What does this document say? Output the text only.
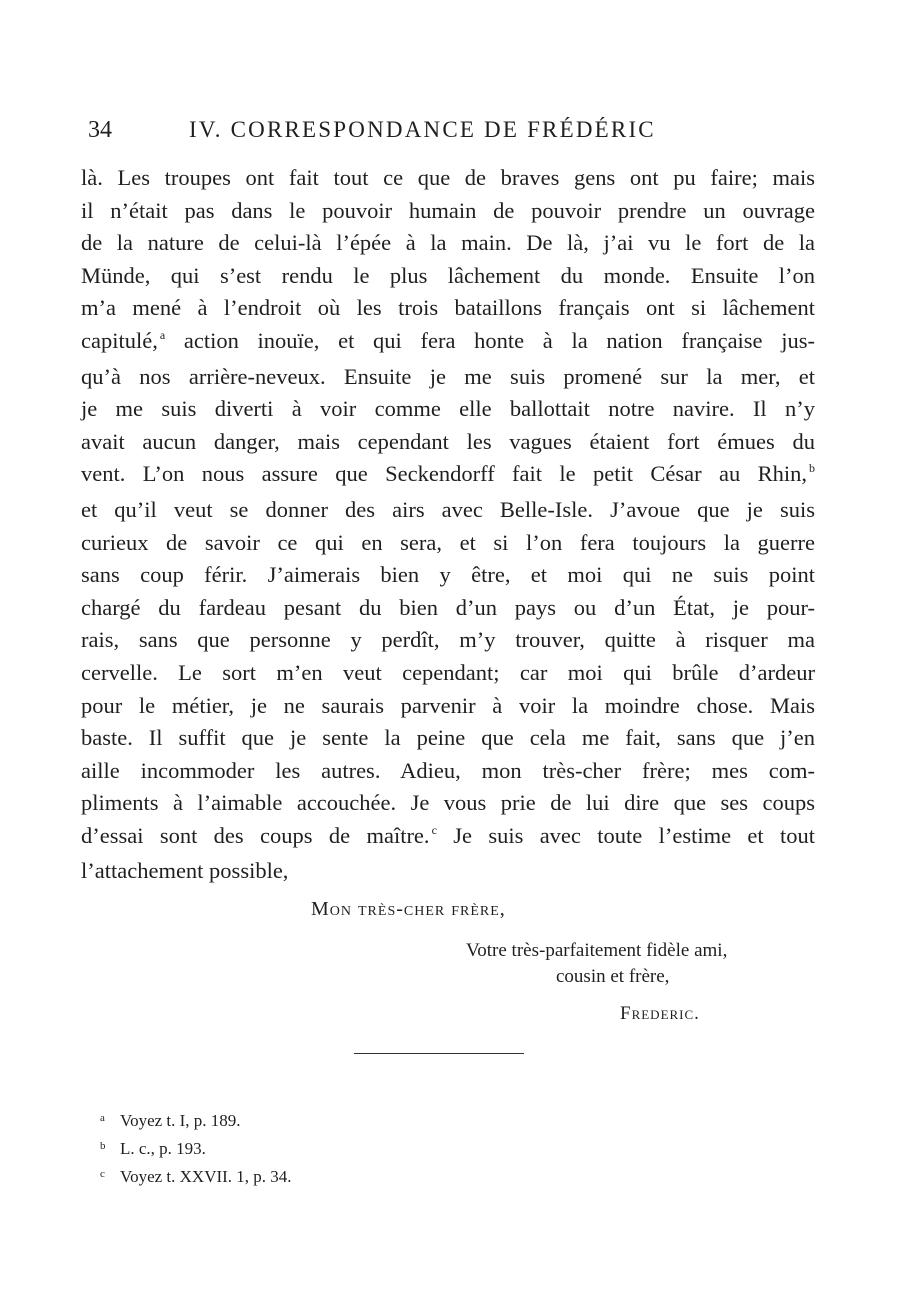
34	IV. CORRESPONDANCE DE FRÉDÉRIC
là. Les troupes ont fait tout ce que de braves gens ont pu faire; mais
il n’était pas dans le pouvoir humain de pouvoir prendre un ouvrage
de la nature de celui-là l’épée à la main. De là, j’ai vu le fort de la
Münde, qui s’est rendu le plus lâchement du monde. Ensuite l’on
m’a mené à l’endroit où les trois bataillons français ont si lâchement
capitulé, $^a$ action inouïe, et qui fera honte à la nation française jus-
qu’à nos arrière-neveux. Ensuite je me suis promené sur la mer, et
je me suis diverti à voir comme elle ballottait notre navire. Il n’y
avait aucun danger, mais cependant les vagues étaient fort émues du
vent. L’on nous assure que Seckendorff fait le petit César au Rhin, $^b$
et qu’il veut se donner des airs avec Belle-Isle. J’avoue que je suis
curieux de savoir ce qui en sera, et si l’on fera toujours la guerre
sans coup férir. J’aimerais bien y être, et moi qui ne suis point
chargé du fardeau pesant du bien d’un pays ou d’un État, je pour-
rais, sans que personne y perdît, m’y trouver, quitte à risquer ma
cervelle. Le sort m’en veut cependant; car moi qui brûle d’ardeur
pour le métier, je ne saurais parvenir à voir la moindre chose. Mais
baste. Il suffit que je sente la peine que cela me fait, sans que j’en
aille incommoder les autres. Adieu, mon très-cher frère; mes com-
pliments à l’aimable accouchée. Je vous prie de lui dire que ses coups
d’essai sont des coups de maître. $^c$ Je suis avec toute l’estime et tout
l’attachement possible,
Mon très-cher frère,
Votre très-parfaitement fidèle ami,
cousin et frère,
Frederic.
a Voyez t. I, p. 189.
b L. c., p. 193.
c Voyez t. XXVII. 1, p. 34.
